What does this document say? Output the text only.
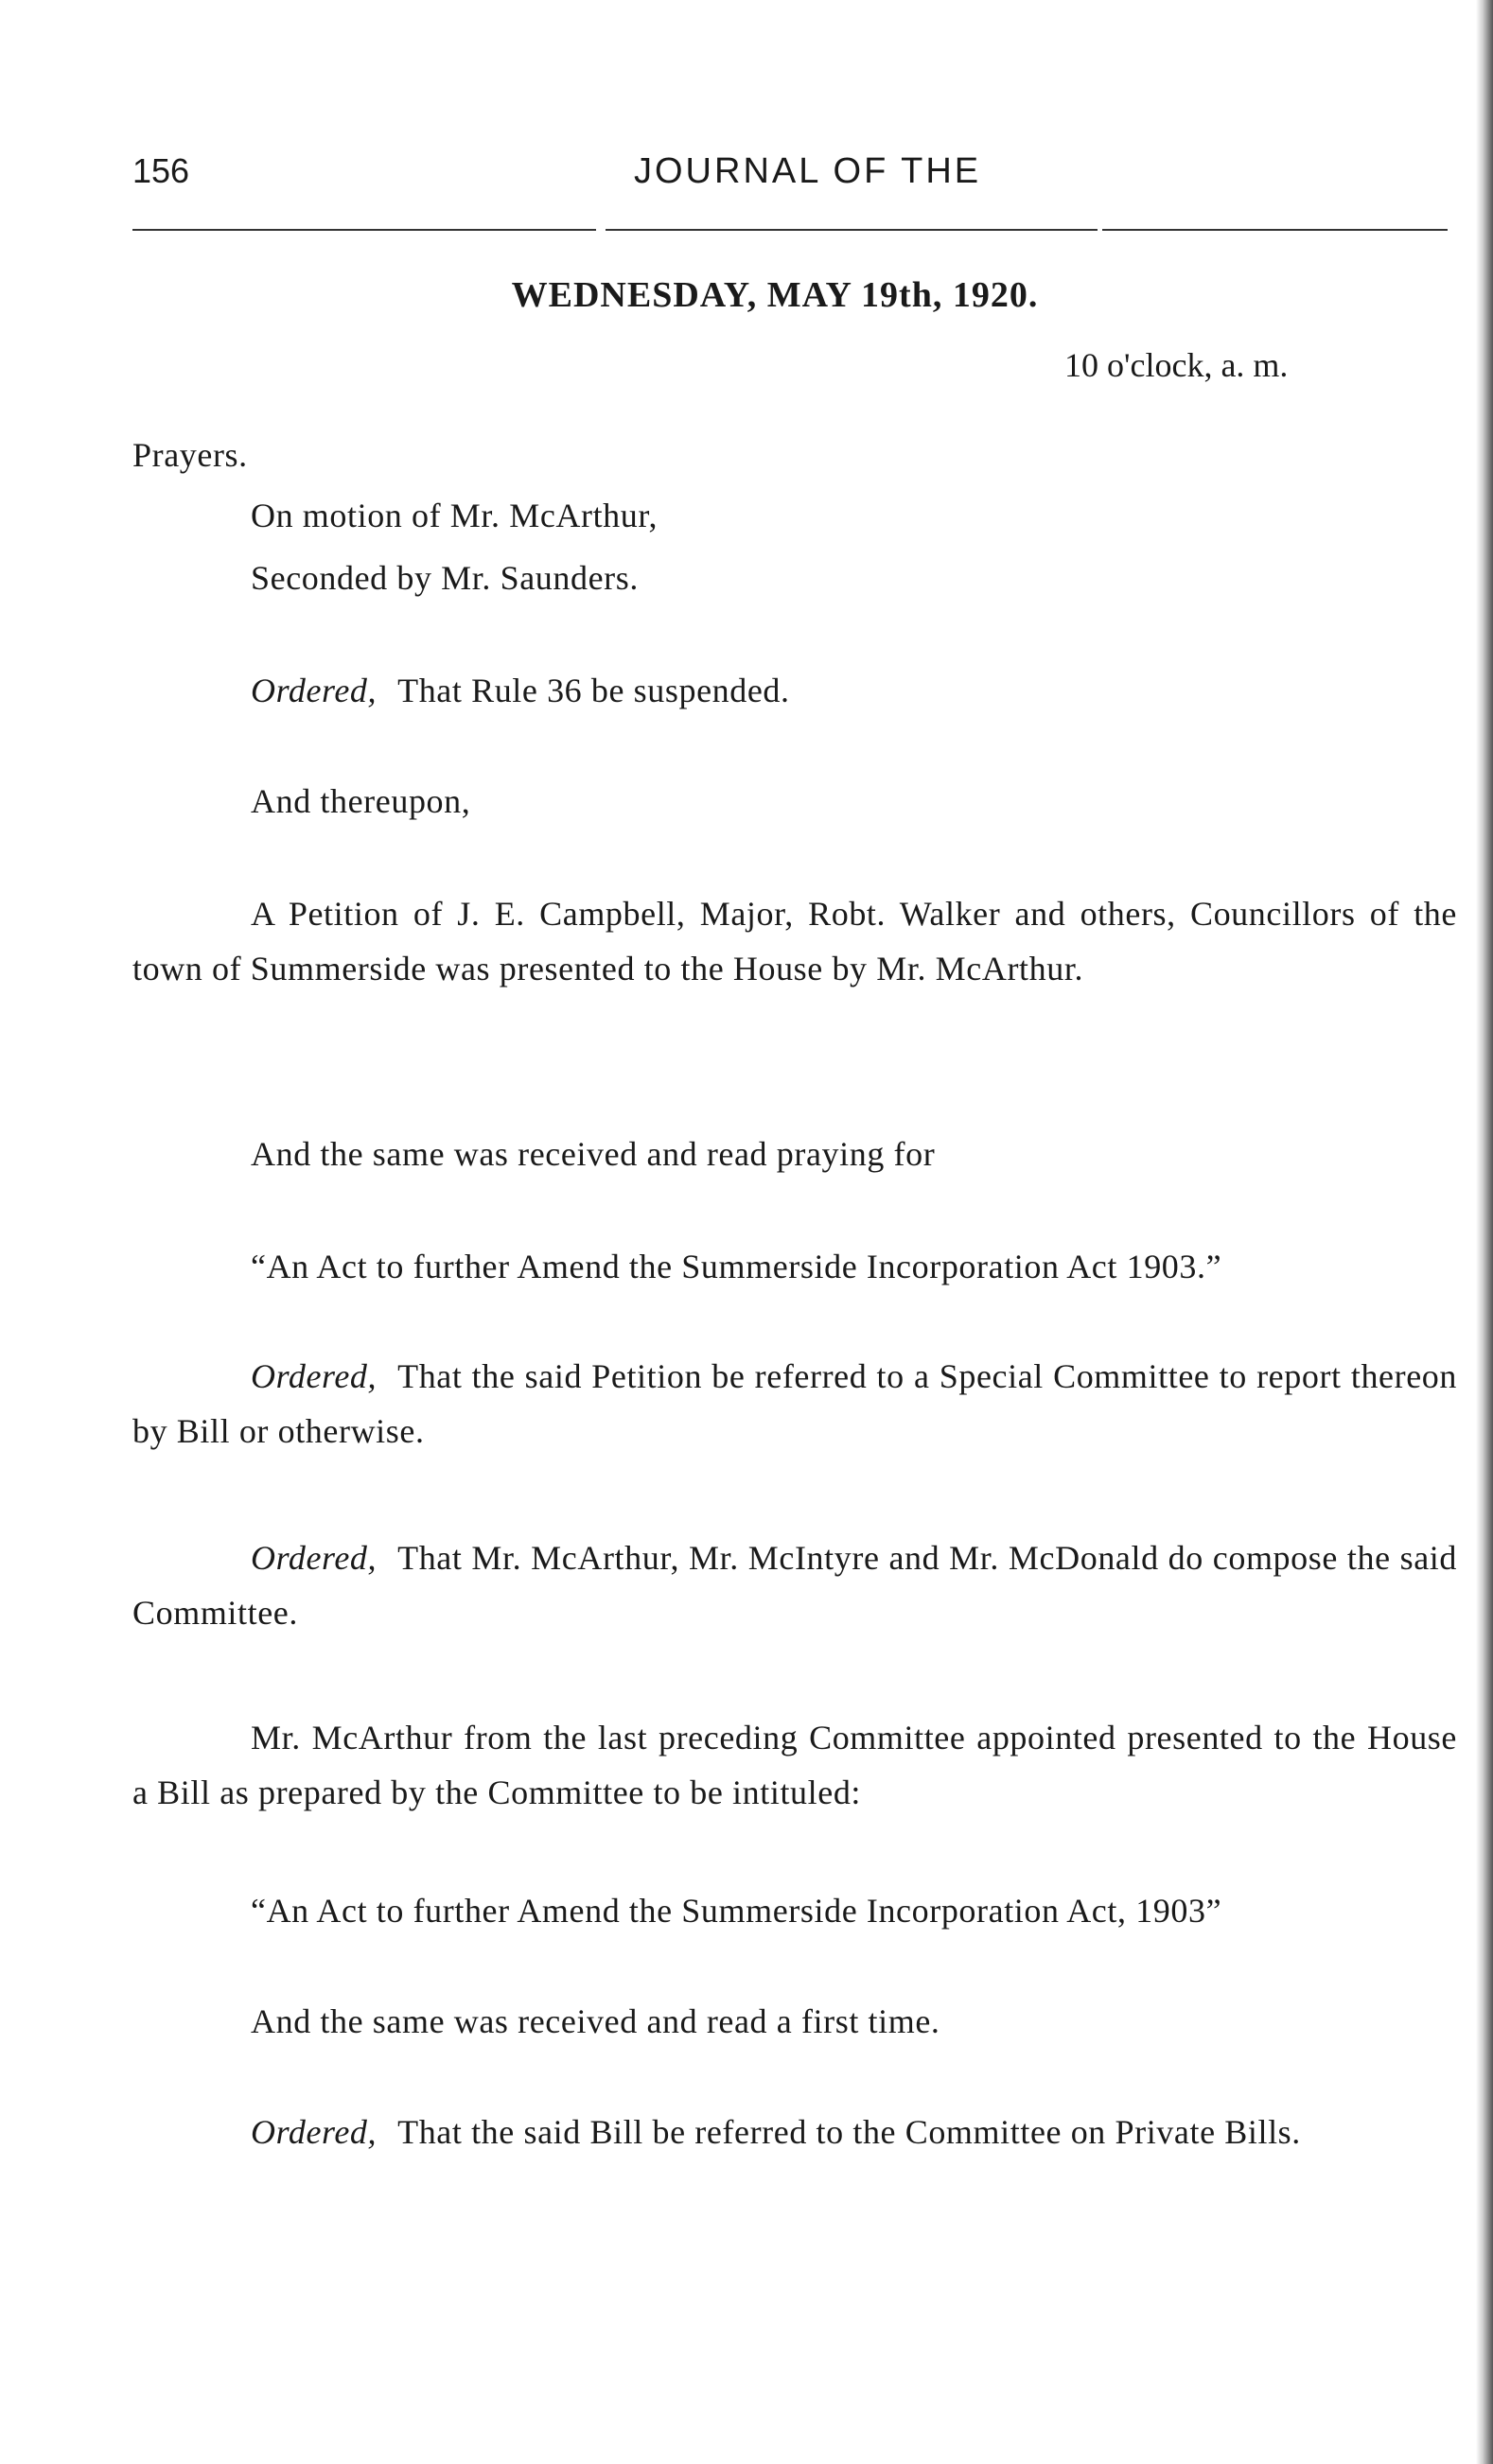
156	JOURNAL OF THE
WEDNESDAY, MAY 19th, 1920.
10 o'clock, a. m.
Prayers.
On motion of Mr. McArthur,
Seconded by Mr. Saunders.
Ordered, That Rule 36 be suspended.
And thereupon,
A Petition of J. E. Campbell, Major, Robt. Walker and others, Councillors of the town of Summerside was presented to the House by Mr. McArthur.
And the same was received and read praying for
“An Act to further Amend the Summerside Incorporation Act 1903.”
Ordered, That the said Petition be referred to a Special Committee to report thereon by Bill or otherwise.
Ordered, That Mr. McArthur, Mr. McIntyre and Mr. McDonald do compose the said Committee.
Mr. McArthur from the last preceding Committee appointed presented to the House a Bill as prepared by the Committee to be intituled:
“An Act to further Amend the Summerside Incorporation Act, 1903”
And the same was received and read a first time.
Ordered, That the said Bill be referred to the Committee on Private Bills.
